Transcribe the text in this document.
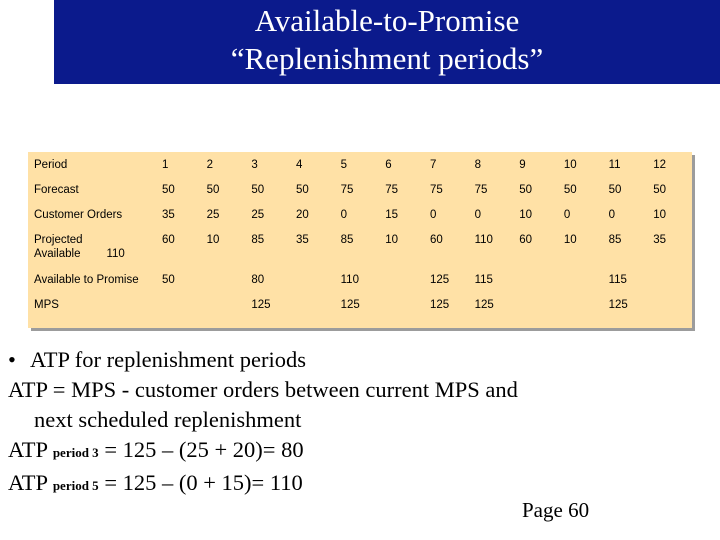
Available-to-Promise
“Replenishment periods”
Period	1	2	3	4	5	6	7	8	9	10	11	12

Forecast	50	50	50	50	75	75	75	75	50	50	50	50

Customer Orders	35	25	25	20	0	15	0	0	10	0	0	10

Projected
Available 110	60	10	85	35	85	10	60	110	60	10	85	35

Available to Promise	50		80		110		125	115			115	

MPS			125		125		125	125			125	
• ATP for replenishment periods
ATP = MPS - customer orders between current MPS and
next scheduled replenishment
ATP period 3 = 125 – (25 + 20)= 80
ATP period 5 = 125 – (0 + 15)= 110
Page 60
